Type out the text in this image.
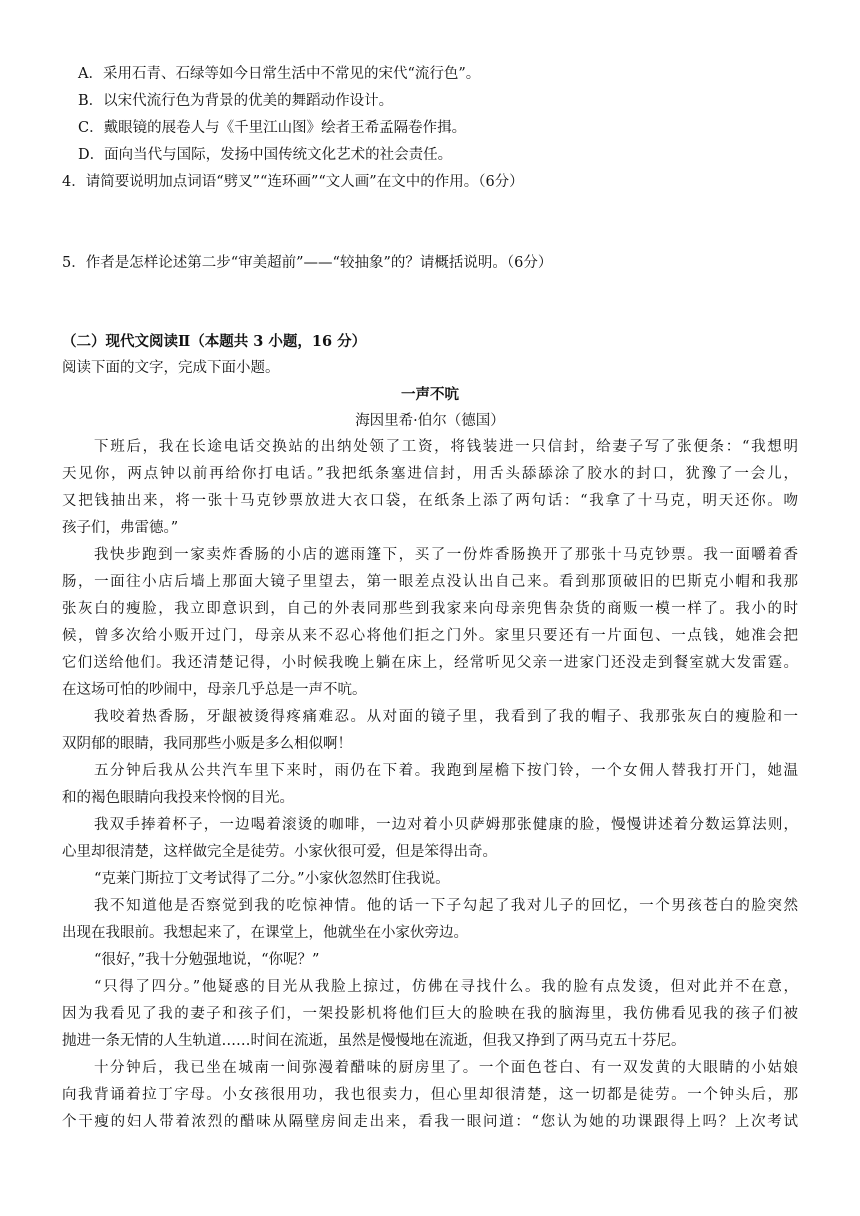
A．采用石青、石绿等如今日常生活中不常见的宋代“流行色”。
B．以宋代流行色为背景的优美的舞蹈动作设计。
C．戴眼镜的展卷人与《千里江山图》绘者王希孟隔卷作揖。
D．面向当代与国际，发扬中国传统文化艺术的社会责任。
4．请简要说明加点词语“劈叉”“连环画”“文人画”在文中的作用。（6分）
5．作者是怎样论述第二步“审美超前”——“较抽象”的？请概括说明。（6分）
（二）现代文阅读Ⅱ（本题共 3 小题，16 分）
阅读下面的文字，完成下面小题。
一声不吭
海因里希·伯尔（德国）
下班后，我在长途电话交换站的出纳处领了工资，将钱装进一只信封，给妻子写了张便条：“我想明
天见你，两点钟以前再给你打电话。”我把纸条塞进信封，用舌头舔舔涂了胶水的封口，犹豫了一会儿，
又把钱抽出来，将一张十马克钞票放进大衣口袋，在纸条上添了两句话：“我拿了十马克，明天还你。吻
孩子们，弗雷德。”
我快步跑到一家卖炸香肠的小店的遮雨篷下，买了一份炸香肠换开了那张十马克钞票。我一面嚼着香
肠，一面往小店后墙上那面大镜子里望去，第一眼差点没认出自己来。看到那顶破旧的巴斯克小帽和我那
张灰白的瘦脸，我立即意识到，自己的外表同那些到我家来向母亲兜售杂货的商贩一模一样了。我小的时
候，曾多次给小贩开过门，母亲从来不忍心将他们拒之门外。家里只要还有一片面包、一点钱，她准会把
它们送给他们。我还清楚记得，小时候我晚上躺在床上，经常听见父亲一进家门还没走到餐室就大发雷霆。
在这场可怕的吵闹中，母亲几乎总是一声不吭。
我咬着热香肠，牙龈被烫得疼痛难忍。从对面的镜子里，我看到了我的帽子、我那张灰白的瘦脸和一
双阴郁的眼睛，我同那些小贩是多么相似啊！
五分钟后我从公共汽车里下来时，雨仍在下着。我跑到屋檐下按门铃，一个女佣人替我打开门，她温
和的褐色眼睛向我投来怜悯的目光。
我双手捧着杯子，一边喝着滚烫的咖啡，一边对着小贝萨姆那张健康的脸，慢慢讲述着分数运算法则，
心里却很清楚，这样做完全是徒劳。小家伙很可爱，但是笨得出奇。
“克莱门斯拉丁文考试得了二分。”小家伙忽然盯住我说。
我不知道他是否察觉到我的吃惊神情。他的话一下子勾起了我对儿子的回忆，一个男孩苍白的脸突然
出现在我眼前。我想起来了，在课堂上，他就坐在小家伙旁边。
“很好，”我十分勉强地说，“你呢？”
“只得了四分。”他疑惑的目光从我脸上掠过，仿佛在寻找什么。我的脸有点发烫，但对此并不在意，
因为我看见了我的妻子和孩子们，一架投影机将他们巨大的脸映在我的脑海里，我仿佛看见我的孩子们被
抛进一条无情的人生轨道……时间在流逝，虽然是慢慢地在流逝，但我又挣到了两马克五十芬尼。
十分钟后，我已坐在城南一间弥漫着醋味的厨房里了。一个面色苍白、有一双发黄的大眼睛的小姑娘
向我背诵着拉丁字母。小女孩很用功，我也很卖力，但心里却很清楚，这一切都是徒劳。一个钟头后，那
个干瘦的妇人带着浓烈的醋味从隔壁房间走出来，看我一眼问道：“您认为她的功课跟得上吗？上次考试
